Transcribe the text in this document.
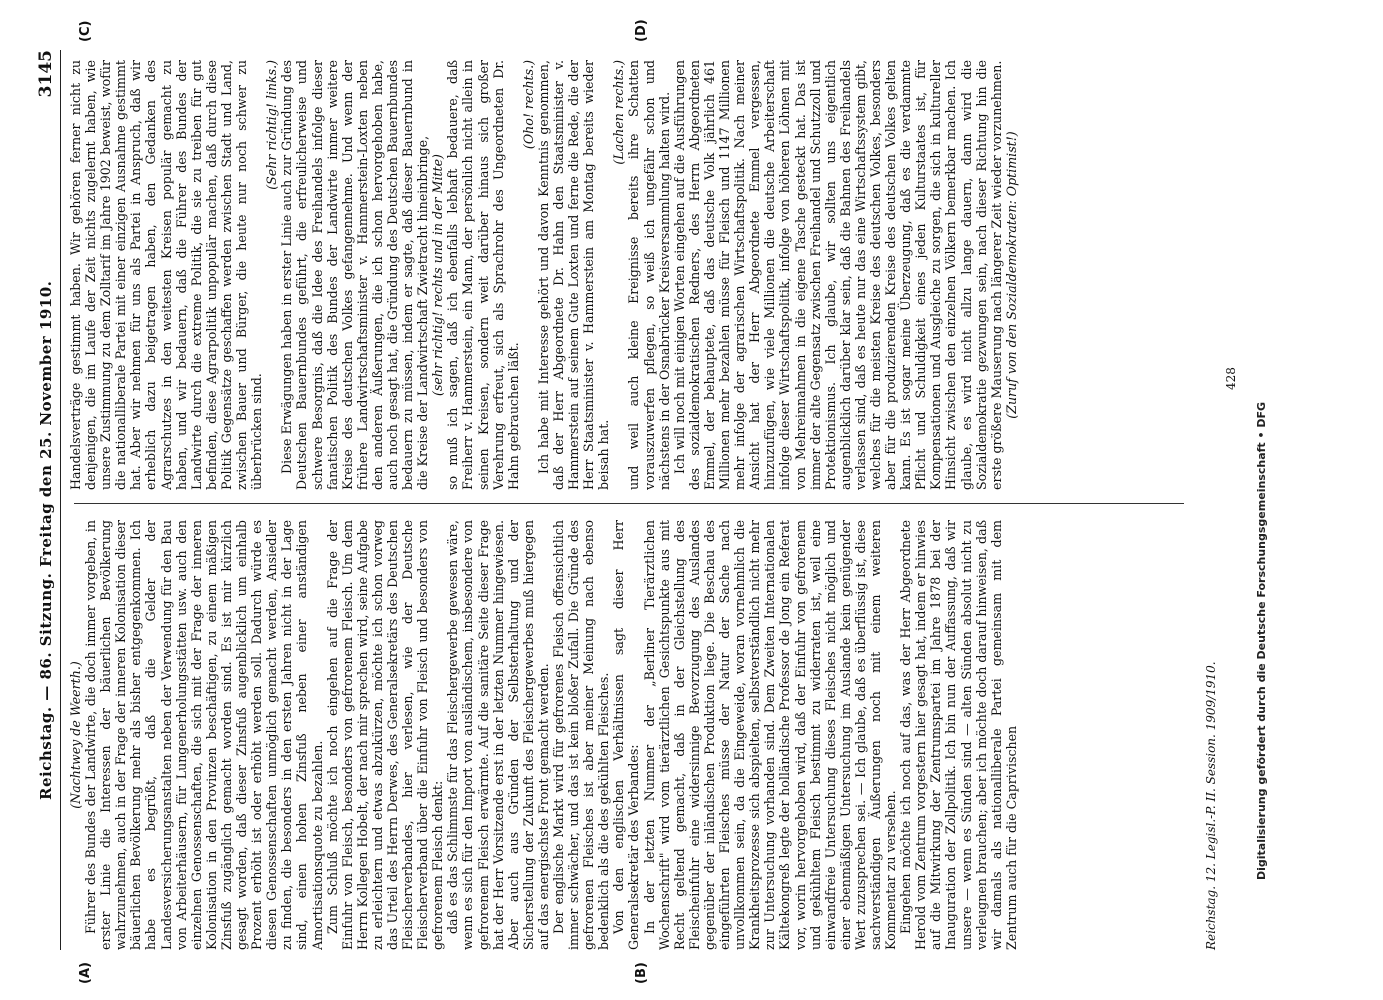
Reichstag. — 86. Sitzung. Freitag den 25. November 1910.
3145
(A)	(B)
(C)	(D)

(Nachtwey de Weerth.) Führer des Bundes der Landwirte, die doch immer vorgeben, in erster Linie die Interessen der bäuerlichen Bevölkerung wahrzunehmen, auch in der Frage der inneren Kolonisation dieser bäuerlichen Bevölkerung mehr als bisher entgegenkommen. Ich habe es begrüßt, daß die Gelder der Landesversicherungsanstalten neben der Verwendung für den Bau von Arbeiterhäusern, für Lungenerholungsstätten usw. auch den einzelnen Genossenschaften, die sich mit der Frage der inneren Kolonisation in den Provinzen beschäftigen, zu einem mäßigen Zinsfuß zugänglich gemacht worden sind. Es ist mir kürzlich gesagt worden, daß dieser Zinsfuß augenblicklich um einhalb Prozent erhöht ist oder erhöht werden soll. Dadurch würde es diesen Genossenschaften unmöglich gemacht werden, Ansiedler zu finden, die besonders in den ersten Jahren nicht in der Lage sind, einen hohen Zinsfuß neben einer anständigen Amortisationsquote zu bezahlen. Zum Schluß möchte ich noch eingehen auf die Frage der Einfuhr von Fleisch, besonders von gefrorenem Fleisch. Um dem Herrn Kollegen Hobelt, der nach mir sprechen wird, seine Aufgabe zu erleichtern und etwas abzukürzen, möchte ich schon vorweg das Urteil des Herrn Derwes, des Generalsekretärs des Deutschen Fleischerverbandes, hier verlesen, wie der Deutsche Fleischerverband über die Einfuhr von Fleisch und besonders von gefrorenem Fleisch denkt: daß es das Schlimmste für das Fleischergewerbe gewesen wäre, wenn es sich für den Import von ausländischem, insbesondere von gefrorenem Fleisch erwärmte. Auf die sanitäre Seite dieser Frage hat der Herr Vorsitzende erst in der letzten Nummer hingewiesen. Aber auch aus Gründen der Selbsterhaltung und der Sicherstellung der Zukunft des Fleischergewerbes muß hiergegen auf das energischste Front gemacht werden. Der englische Markt wird für gefrorenes Fleisch offensichtlich immer schwächer, und das ist kein bloßer Zufall. Die Gründe des gefrorenen Fleisches ist aber meiner Meinung nach ebenso bedenklich als die des gekühlten Fleisches. Von den englischen Verhältnissen sagt dieser Herr Generalsekretär des Verbandes: In der letzten Nummer der „Berliner Tierärztlichen Wochenschrift" wird vom tierärztlichen Gesichtspunkte aus mit Recht geltend gemacht, daß in der Gleichstellung des Fleischeinfuhr eine widersinnige Bevorzugung des Auslandes gegenüber der inländischen Produktion liege. Die Beschau des eingeführten Fleisches müsse der Natur der Sache nach unvollkommen sein, da die Eingeweide, woran vornehmlich die Krankheitsprozesse sich abspielten, selbstverständlich nicht mehr zur Untersuchung vorhanden sind. Dem Zweiten Internationalen Kältekongreß legte der holländische Professor de Jong ein Referat vor, worin hervorgehoben wird, daß der Einfuhr von gefrorenem und gekühltem Fleisch bestimmt zu widerraten ist, weil eine einwandfreie Untersuchung dieses Fleisches nicht möglich und einer ebenmäßigen Untersuchung im Auslande kein genügender Wert zuzusprechen sei. — Ich glaube, daß es überflüssig ist, diese sachverständigen Äußerungen noch mit einem weiteren Kommentar zu versehen. Eingehen möchte ich noch auf das, was der Herr Abgeordnete Herold vom Zentrum vorgestern hier gesagt hat, indem er hinwies auf die Mitwirkung der Zentrumspartei im Jahre 1878 bei der Inauguration der Zollpolitik. Ich bin nun der Auffassung, daß wir unsere — wenn es Sünden sind — alten Sünden absolut nicht zu verleugnen brauchen; aber ich möchte doch darauf hinweisen, daß wir damals als nationalliberale Partei gemeinsam mit dem Zentrum auch für die Caprivischen

Handelsverträge gestimmt haben. Wir gehören ferner nicht zu denjenigen, die im Laufe der Zeit nichts zugelernt haben, wie unsere Zustimmung zu dem Zolltarif im Jahre 1902 beweist, wofür die nationalliberale Partei mit einer einzigen Ausnahme gestimmt hat. Aber wir nehmen für uns als Partei in Anspruch, daß wir erheblich dazu beigetragen haben, den Gedanken des Agrarschutzes in den weitesten Kreisen populär gemacht zu haben, und wir bedauern, daß die Führer des Bundes der Landwirte durch die extreme Politik, die sie zu treiben für gut befinden, diese Agrarpolitik unpopulär machen, daß durch diese Politik Gegensätze geschaffen werden zwischen Stadt und Land, zwischen Bauer und Bürger, die heute nur noch schwer zu überbrücken sind.

(Sehr richtig! links.) Diese Erwägungen haben in erster Linie auch zur Gründung des Deutschen Bauernbundes geführt, die erfreulicherweise und schwere Besorgnis, daß die Idee des Freihandels infolge dieser fanatischen Politik des Bundes der Landwirte immer weitere Kreise des deutschen Volkes gefangennehme. Und wenn der frühere Landwirtschaftsminister v. Hammerstein-Loxten neben den anderen Äußerungen, die ich schon hervorgehoben habe, auch noch gesagt hat, die Gründung des Deutschen Bauernbundes bedauern zu müssen, indem er sagte, daß dieser Bauernbund in die Kreise der Landwirtschaft Zwietracht hineinbringe, (sehr richtig! rechts und in der Mitte) so muß ich sagen, daß ich ebenfalls lebhaft bedauere, daß Freiherr v. Hammerstein, ein Mann, der persönlich nicht allein in seinen Kreisen, sondern weit darüber hinaus sich großer Verehrung erfreut, sich als Sprachrohr des Ungeordneten Dr. Hahn gebrauchen läßt.

(Oho! rechts.) Ich habe mit Interesse gehört und davon Kenntnis genommen, daß der Herr Abgeordnete Dr. Hahn den Staatsminister v. Hammerstein auf seinem Gute Loxten und ferne die Rede, die der Herr Staatsminister v. Hammerstein am Montag bereits wieder beisah hat.

(Lachen rechts.) und weil auch kleine Ereignisse bereits ihre Schatten vorauszuwerfen pflegen, so weiß ich ungefähr schon und nächstens in der Osnabrücker Kreisversammlung halten wird. Ich will noch mit einigen Worten eingehen auf die Ausführungen des sozialdemokratischen Redners, des Herrn Abgeordneten Emmel, der behauptete, daß das deutsche Volk jährlich 461 Millionen mehr bezahlen müsse für Fleisch und 1147 Millionen mehr infolge der agrarischen Wirtschaftspolitik. Nach meiner Ansicht hat der Herr Abgeordnete Emmel vergessen, hinzuzufügen, wie viele Millionen die deutsche Arbeiterschaft infolge dieser Wirtschaftspolitik, infolge von höheren Löhnen mit von Mehreinnahmen in die eigene Tasche gesteckt hat. Das ist immer der alte Gegensatz zwischen Freihandel und Schutzzoll und Protektionismus. Ich glaube, wir sollten uns eigentlich augenblicklich darüber klar sein, daß die Bahnen des Freihandels verlassen sind, daß es heute nur das eine Wirtschaftssystem gibt, welches für die meisten Kreise des deutschen Volkes, besonders aber für die produzierenden Kreise des deutschen Volkes gelten kann. Es ist sogar meine Überzeugung, daß es die verdammte Pflicht und Schuldigkeit eines jeden Kulturstaates ist, für Kompensationen und Ausgleiche zu sorgen, die sich in kultureller Hinsicht zwischen den einzelnen Völkern bemerkbar machen. Ich glaube, es wird nicht allzu lange dauern, dann wird die Sozialdemokratie gezwungen sein, nach dieser Richtung hin die erste größere Mauserung nach längerer Zeit wieder vorzunehmen. (Zuruf von den Sozialdemokraten: Optimist!)

Reichstag. 12. Legisl.-P. II. Session. 1909/1910.
428
Digitalisierung gefördert durch die Deutsche Forschungsgemeinschaft • DFG
